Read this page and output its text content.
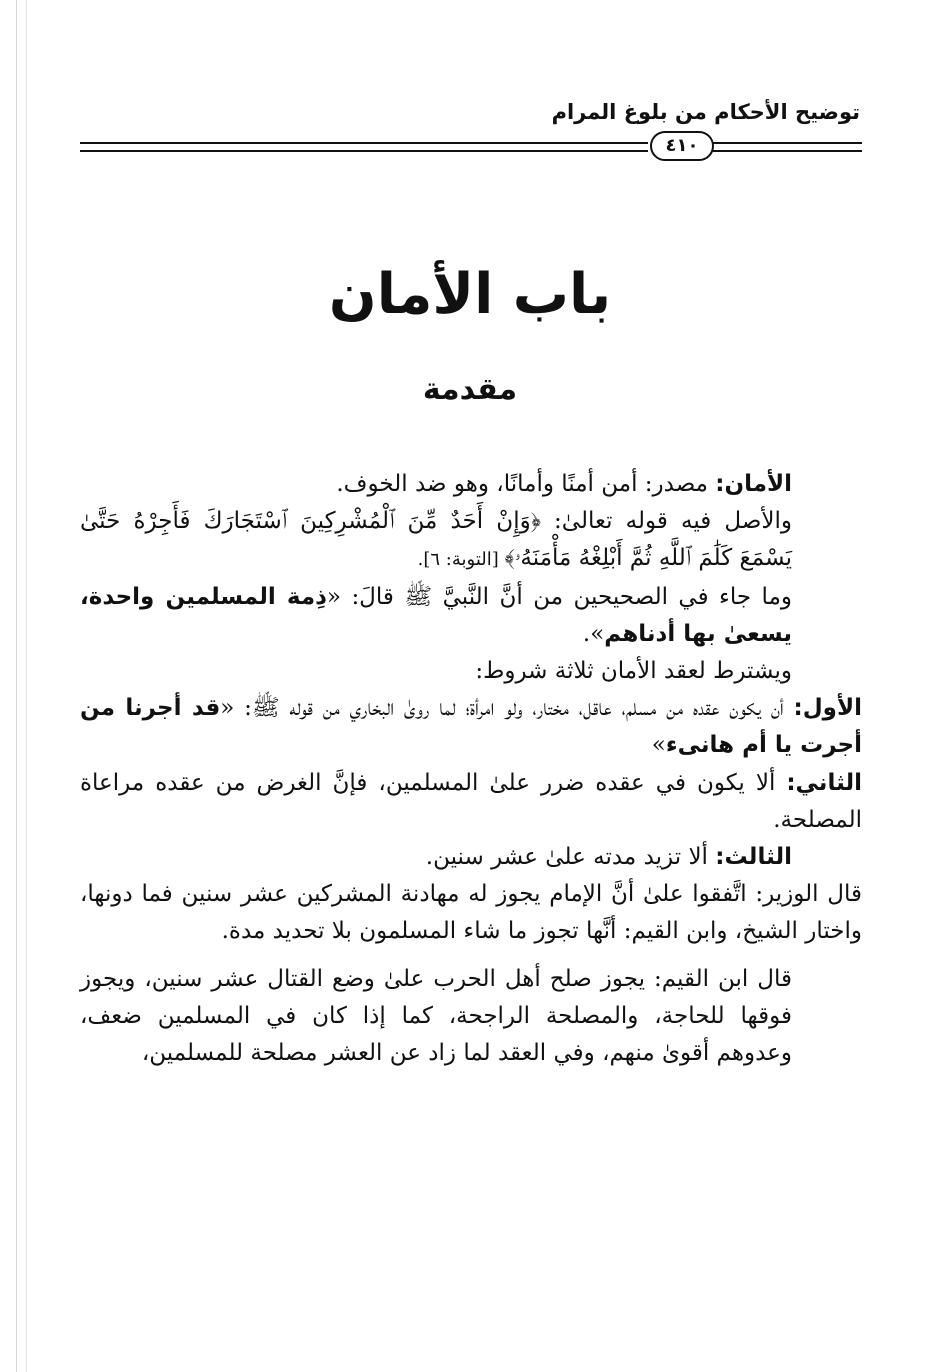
توضيح الأحكام من بلوغ المرام
٤١٠
باب الأمان
مقدمة

الأمان: مصدر: أمن أمنًا وأمانًا، وهو ضد الخوف.

والأصل فيه قوله تعالىٰ: ﴿وَإِنْ أَحَدٌ مِّنَ ٱلْمُشْرِكِينَ ٱسْتَجَارَكَ فَأَجِرْهُ حَتَّىٰ يَسْمَعَ كَلَٰمَ ٱللَّهِ ثُمَّ أَبْلِغْهُ مَأْمَنَهُۥ﴾ [التوبة: ٦].

وما جاء في الصحيحين من أنَّ النَّبيَّ ﷺ قالَ: «ذِمة المسلمين واحدة، يسعىٰ بها أدناهم».

ويشترط لعقد الأمان ثلاثة شروط:

الأول: أن يكون عقده من مسلم، عاقل، مختار، ولو امرأة؛ لما روىٰ البخاري من قوله ﷺ: «قد أجرنا من أجرت يا أم هانىء»

الثاني: ألا يكون في عقده ضرر علىٰ المسلمين، فإنَّ الغرض من عقده مراعاة المصلحة.

الثالث: ألا تزيد مدته علىٰ عشر سنين.

قال الوزير: اتَّفقوا علىٰ أنَّ الإمام يجوز له مهادنة المشركين عشر سنين فما دونها، واختار الشيخ، وابن القيم: أنَّها تجوز ما شاء المسلمون بلا تحديد مدة.

قال ابن القيم: يجوز صلح أهل الحرب علىٰ وضع القتال عشر سنين، ويجوز فوقها للحاجة، والمصلحة الراجحة، كما إذا كان في المسلمين ضعف، وعدوهم أقوىٰ منهم، وفي العقد لما زاد عن العشر مصلحة للمسلمين،
